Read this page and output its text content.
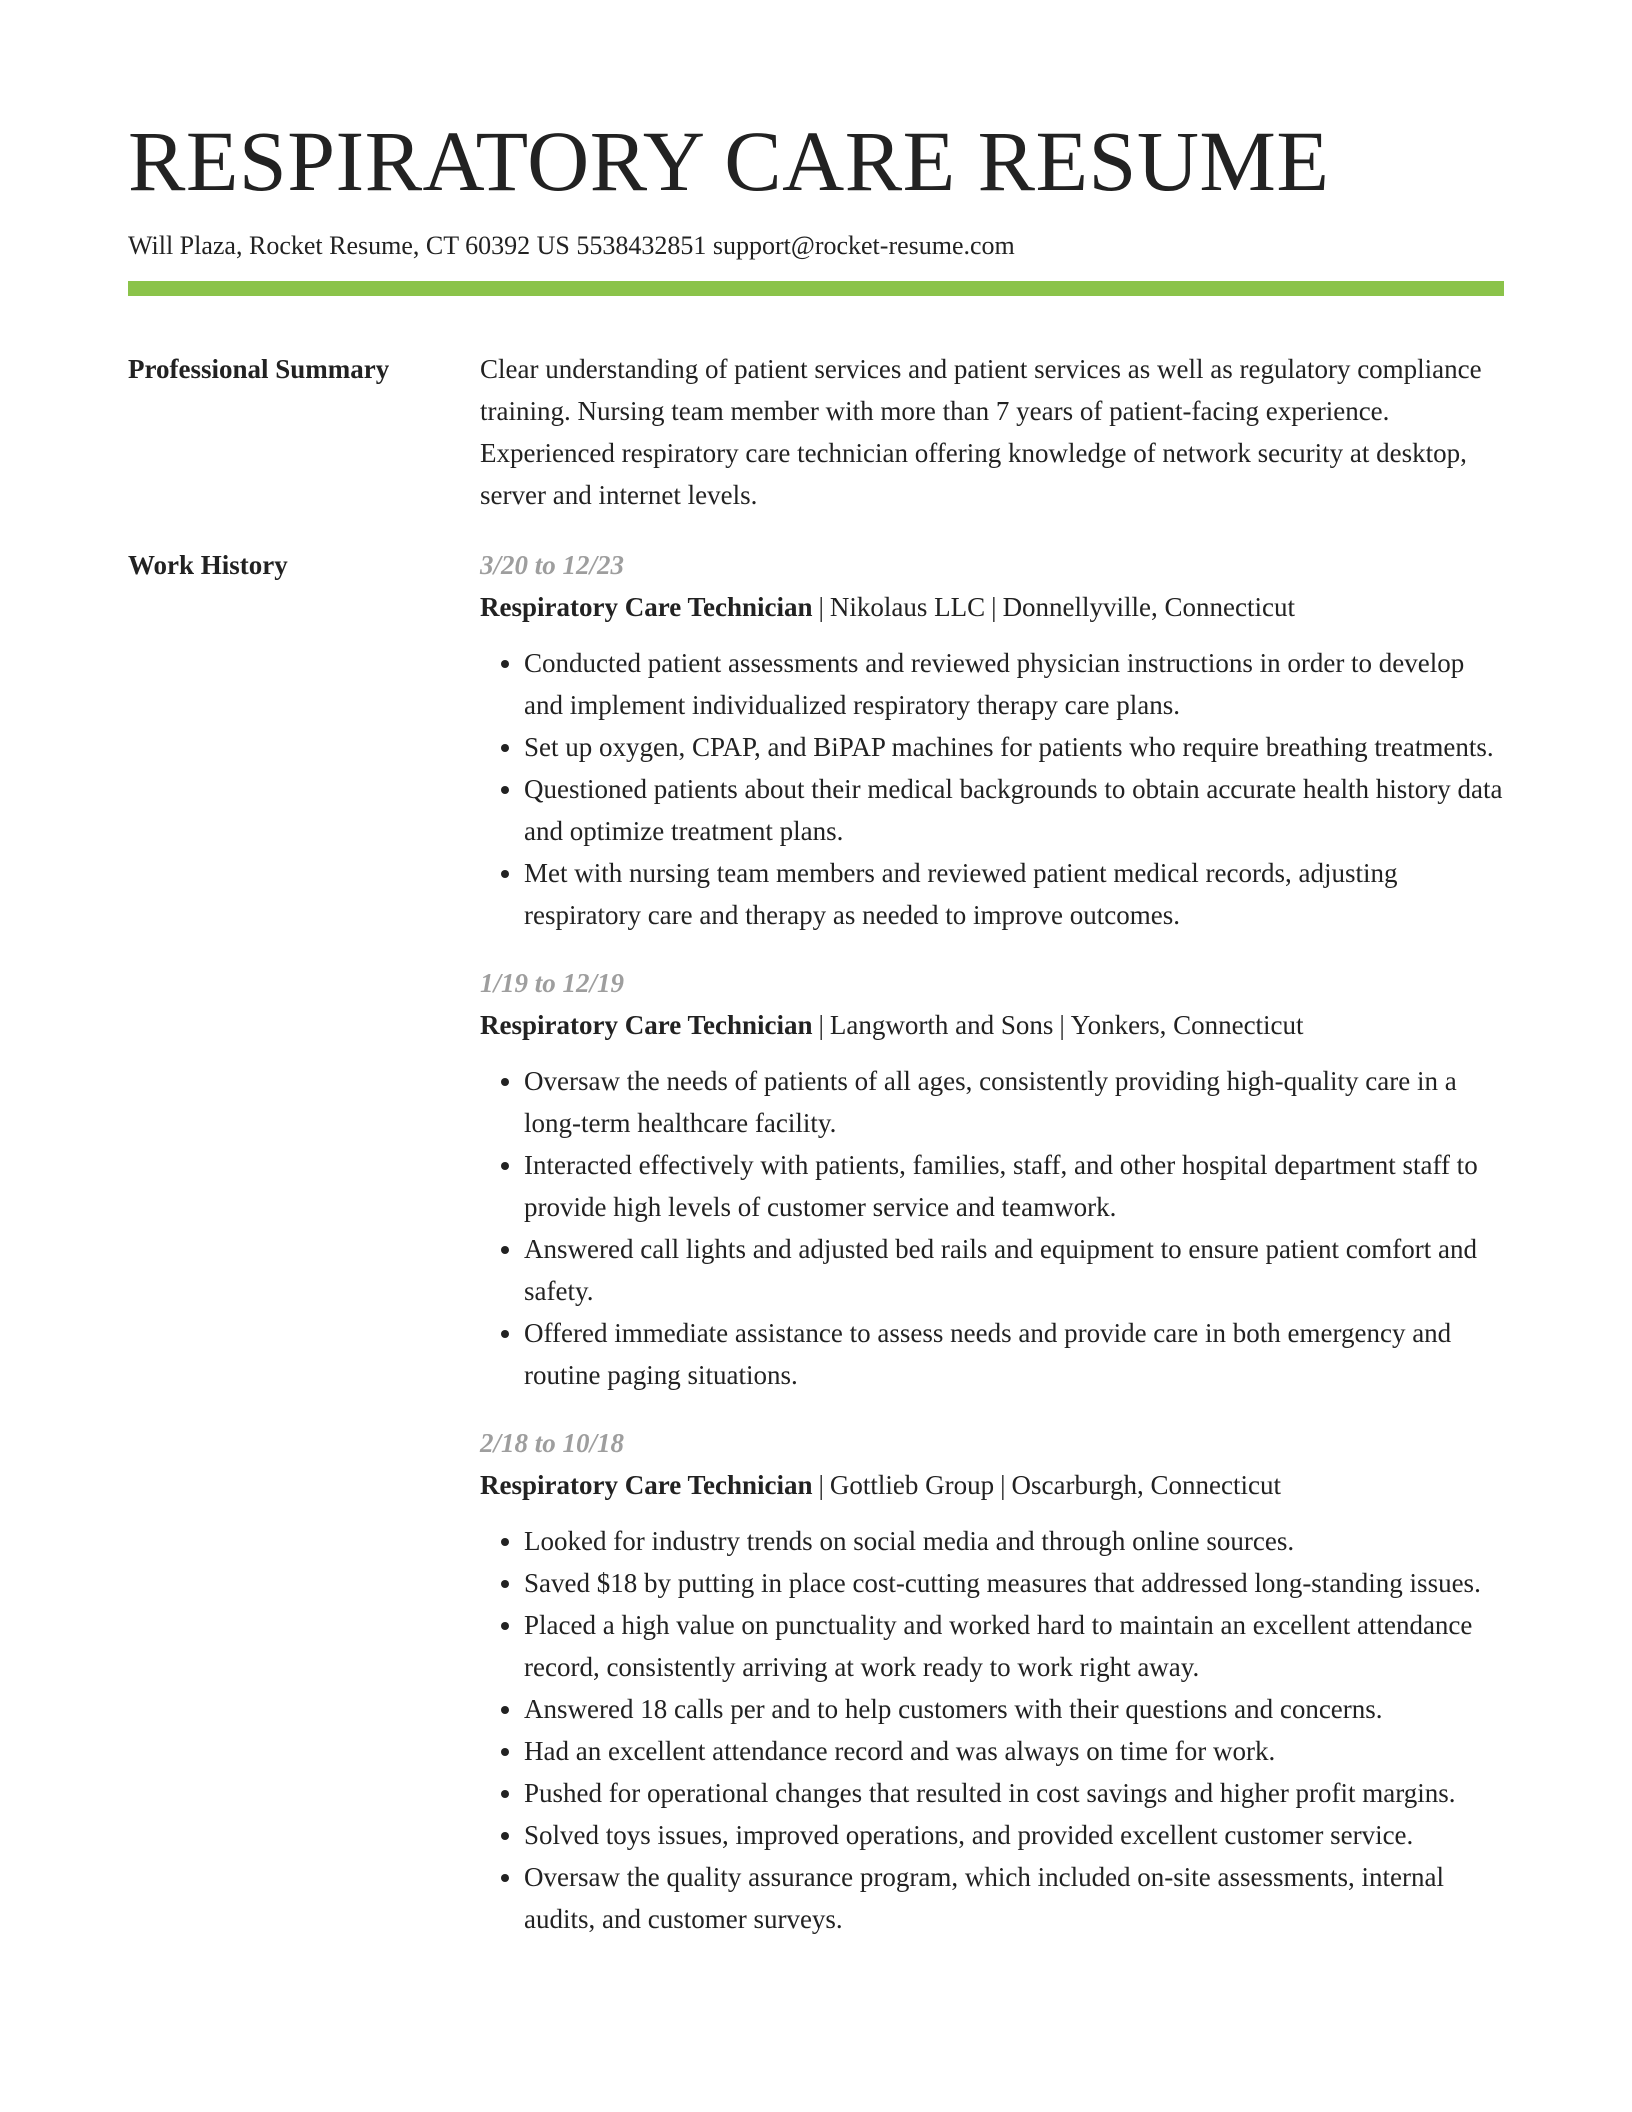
RESPIRATORY CARE RESUME
Will Plaza, Rocket Resume, CT 60392 US 5538432851 support@rocket-resume.com
Professional Summary	Clear understanding of patient services and patient services as well as regulatory compliance training. Nursing team member with more than 7 years of patient-facing experience. Experienced respiratory care technician offering knowledge of network security at desktop, server and internet levels.

Work History	3/20 to 12/23
Respiratory Care Technician | Nikolaus LLC | Donnellyville, Connecticut
• Conducted patient assessments and reviewed physician instructions in order to develop and implement individualized respiratory therapy care plans.
• Set up oxygen, CPAP, and BiPAP machines for patients who require breathing treatments.
• Questioned patients about their medical backgrounds to obtain accurate health history data and optimize treatment plans.
• Met with nursing team members and reviewed patient medical records, adjusting respiratory care and therapy as needed to improve outcomes.
1/19 to 12/19
Respiratory Care Technician | Langworth and Sons | Yonkers, Connecticut
• Oversaw the needs of patients of all ages, consistently providing high-quality care in a long-term healthcare facility.
• Interacted effectively with patients, families, staff, and other hospital department staff to provide high levels of customer service and teamwork.
• Answered call lights and adjusted bed rails and equipment to ensure patient comfort and safety.
• Offered immediate assistance to assess needs and provide care in both emergency and routine paging situations.
2/18 to 10/18
Respiratory Care Technician | Gottlieb Group | Oscarburgh, Connecticut
• Looked for industry trends on social media and through online sources.
• Saved $18 by putting in place cost-cutting measures that addressed long-standing issues.
• Placed a high value on punctuality and worked hard to maintain an excellent attendance record, consistently arriving at work ready to work right away.
• Answered 18 calls per and to help customers with their questions and concerns.
• Had an excellent attendance record and was always on time for work.
• Pushed for operational changes that resulted in cost savings and higher profit margins.
• Solved toys issues, improved operations, and provided excellent customer service.
• Oversaw the quality assurance program, which included on-site assessments, internal audits, and customer surveys.
